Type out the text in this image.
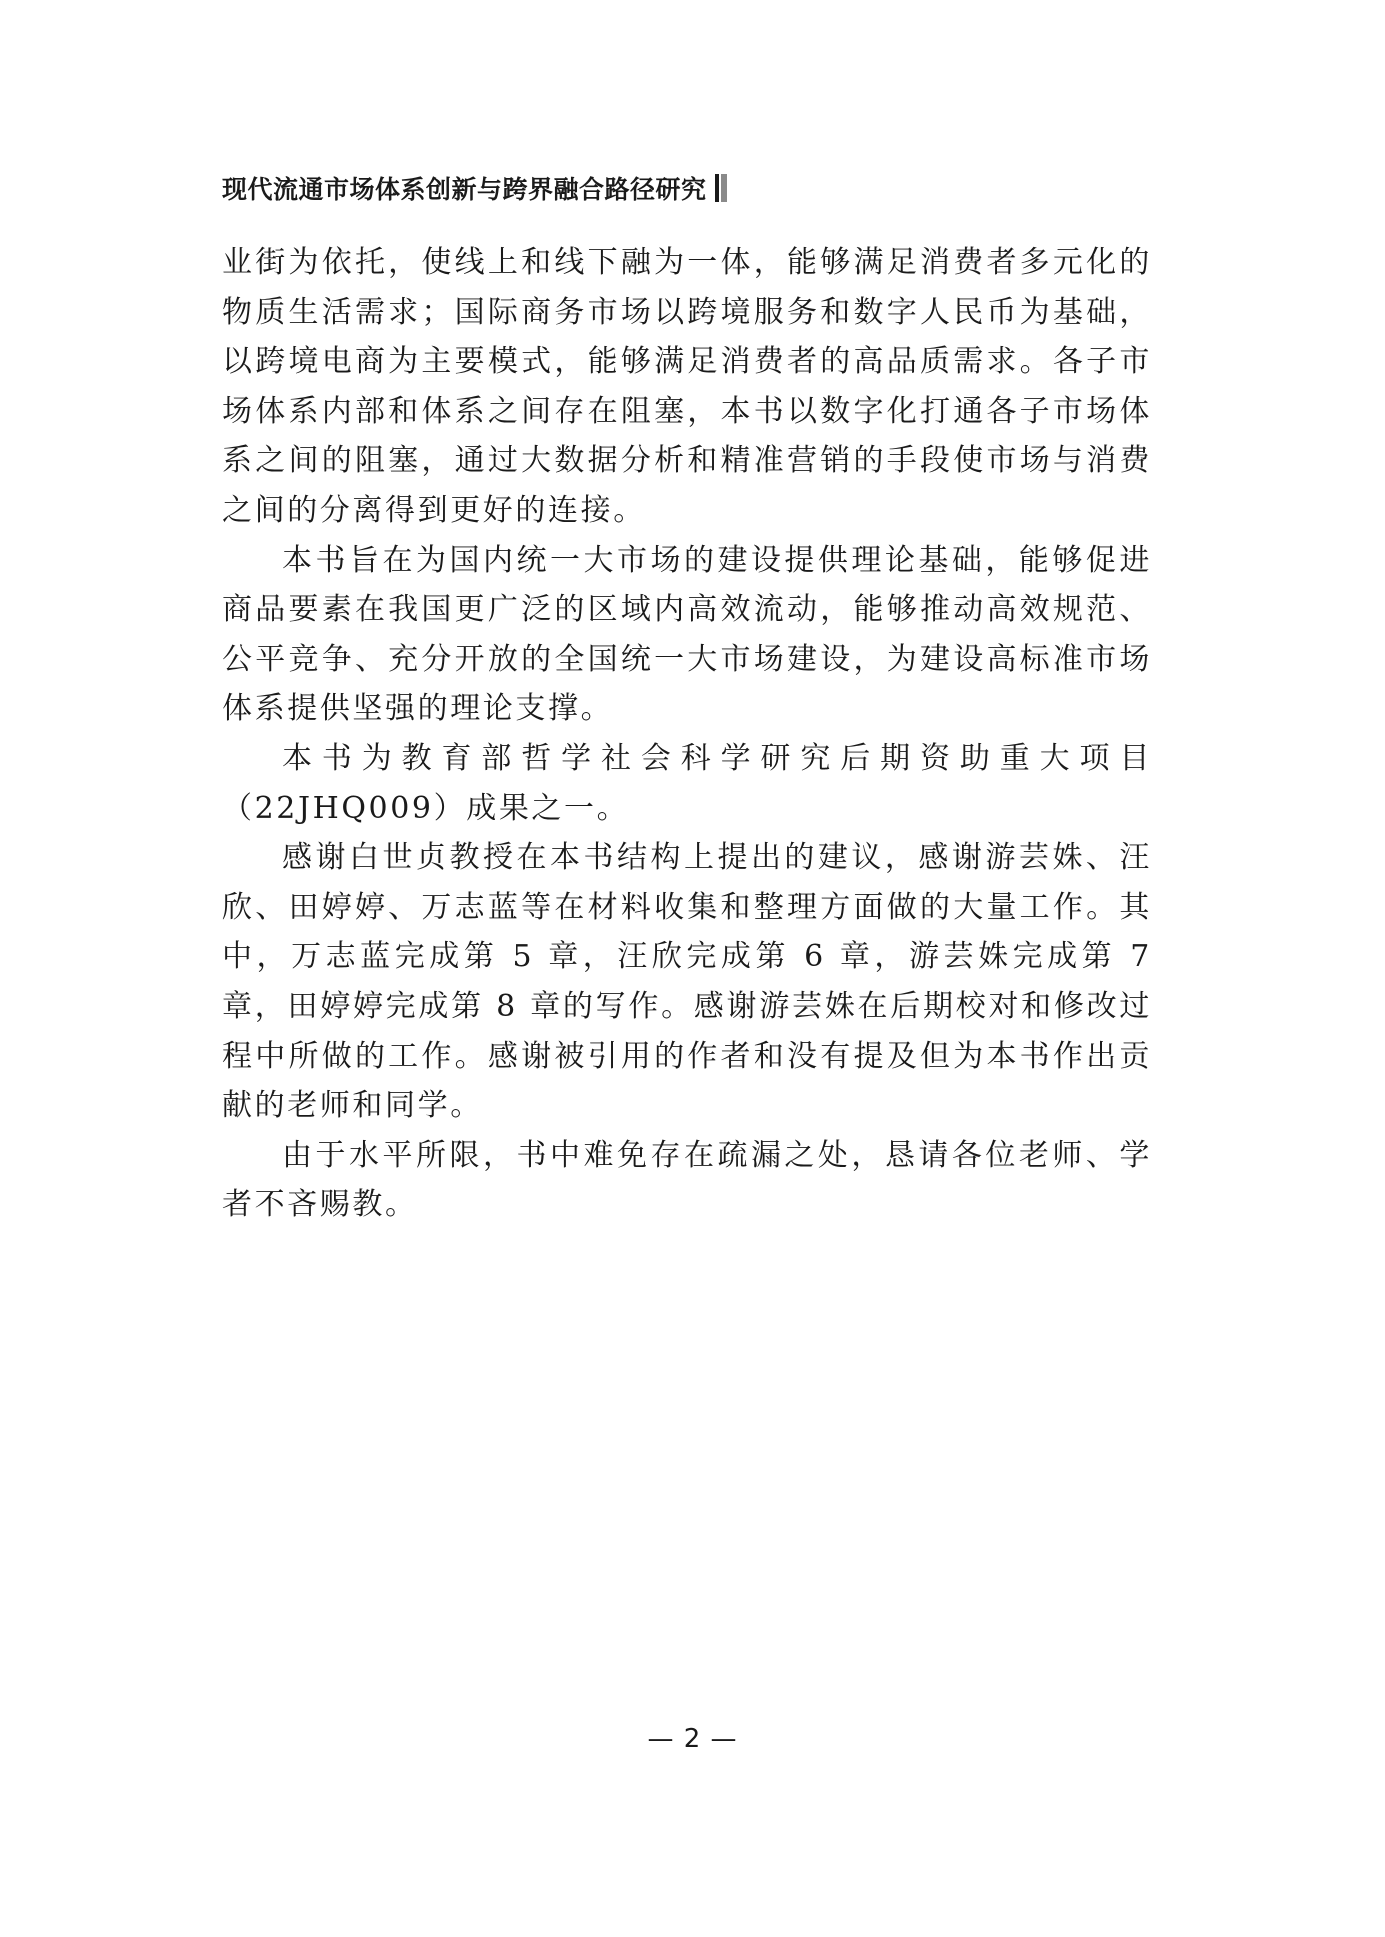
现代流通市场体系创新与跨界融合路径研究

业街为依托，使线上和线下融为一体，能够满足消费者多元化的物质生活需求；国际商务市场以跨境服务和数字人民币为基础，以跨境电商为主要模式，能够满足消费者的高品质需求。各子市场体系内部和体系之间存在阻塞，本书以数字化打通各子市场体系之间的阻塞，通过大数据分析和精准营销的手段使市场与消费之间的分离得到更好的连接。

本书旨在为国内统一大市场的建设提供理论基础，能够促进商品要素在我国更广泛的区域内高效流动，能够推动高效规范、公平竞争、充分开放的全国统一大市场建设，为建设高标准市场体系提供坚强的理论支撑。

本书为教育部哲学社会科学研究后期资助重大项目（22JHQ009）成果之一。

感谢白世贞教授在本书结构上提出的建议，感谢游芸姝、汪欣、田婷婷、万志蓝等在材料收集和整理方面做的大量工作。其中，万志蓝完成第 5 章，汪欣完成第 6 章，游芸姝完成第 7 章，田婷婷完成第 8 章的写作。感谢游芸姝在后期校对和修改过程中所做的工作。感谢被引用的作者和没有提及但为本书作出贡献的老师和同学。

由于水平所限，书中难免存在疏漏之处，恳请各位老师、学者不吝赐教。

— 2 —
